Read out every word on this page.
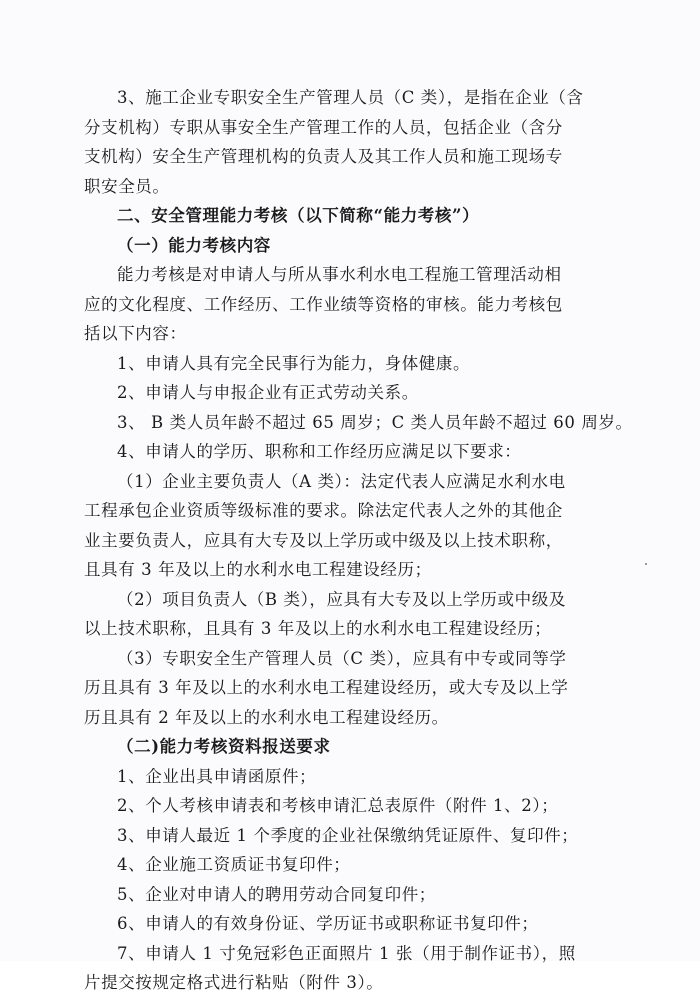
3、施工企业专职安全生产管理人员（C 类），是指在企业（含

分支机构）专职从事安全生产管理工作的人员，包括企业（含分

支机构）安全生产管理机构的负责人及其工作人员和施工现场专

职安全员。

二、安全管理能力考核（以下简称“能力考核”）

（一）能力考核内容

能力考核是对申请人与所从事水利水电工程施工管理活动相

应的文化程度、工作经历、工作业绩等资格的审核。能力考核包

括以下内容：

1、申请人具有完全民事行为能力，身体健康。

2、申请人与申报企业有正式劳动关系。

3、 B 类人员年龄不超过 65 周岁；C 类人员年龄不超过 60 周岁。

4、申请人的学历、职称和工作经历应满足以下要求：

（1）企业主要负责人（A 类）：法定代表人应满足水利水电

工程承包企业资质等级标准的要求。除法定代表人之外的其他企

业主要负责人，应具有大专及以上学历或中级及以上技术职称，

且具有 3 年及以上的水利水电工程建设经历；

（2）项目负责人（B 类），应具有大专及以上学历或中级及

以上技术职称，且具有 3 年及以上的水利水电工程建设经历；

（3）专职安全生产管理人员（C 类），应具有中专或同等学

历且具有 3 年及以上的水利水电工程建设经历，或大专及以上学

历且具有 2 年及以上的水利水电工程建设经历。

（二)能力考核资料报送要求

1、企业出具申请函原件；

2、个人考核申请表和考核申请汇总表原件（附件 1、2）；

3、申请人最近 1 个季度的企业社保缴纳凭证原件、复印件；

4、企业施工资质证书复印件；

5、企业对申请人的聘用劳动合同复印件；

6、申请人的有效身份证、学历证书或职称证书复印件；

7、申请人 1 寸免冠彩色正面照片 1 张（用于制作证书），照

片提交按规定格式进行粘贴（附件 3）。
